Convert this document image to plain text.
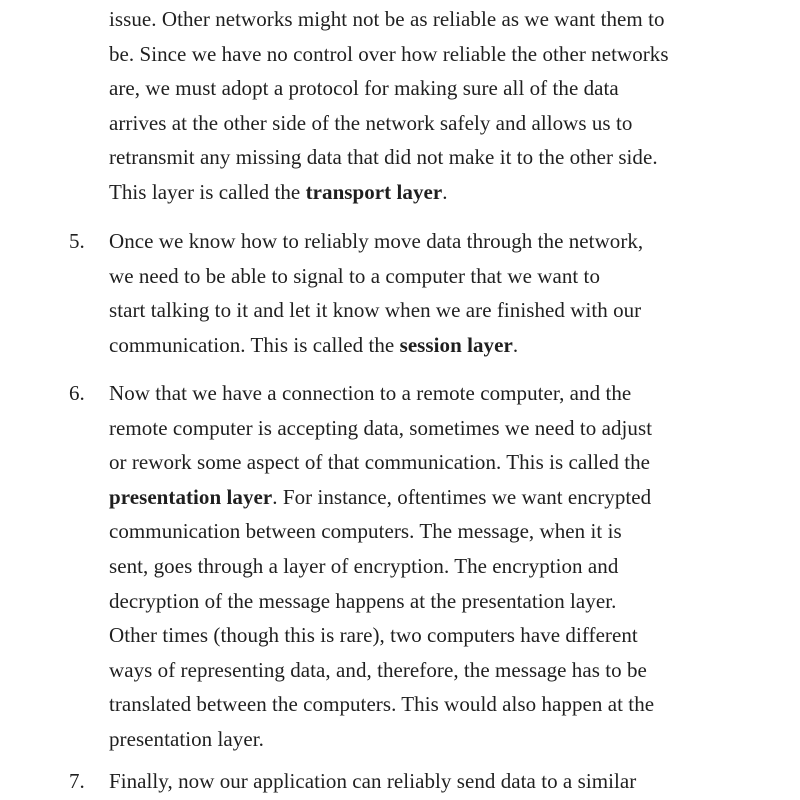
issue. Other networks might not be as reliable as we want them to
be. Since we have no control over how reliable the other networks
are, we must adopt a protocol for making sure all of the data
arrives at the other side of the network safely and allows us to
retransmit any missing data that did not make it to the other side.
This layer is called the transport layer.
5. Once we know how to reliably move data through the network,
we need to be able to signal to a computer that we want to
start talking to it and let it know when we are finished with our
communication. This is called the session layer.
6. Now that we have a connection to a remote computer, and the
remote computer is accepting data, sometimes we need to adjust
or rework some aspect of that communication. This is called the
presentation layer. For instance, oftentimes we want encrypted
communication between computers. The message, when it is
sent, goes through a layer of encryption. The encryption and
decryption of the message happens at the presentation layer.
Other times (though this is rare), two computers have different
ways of representing data, and, therefore, the message has to be
translated between the computers. This would also happen at the
presentation layer.
7. Finally, now our application can reliably send data to a similar
